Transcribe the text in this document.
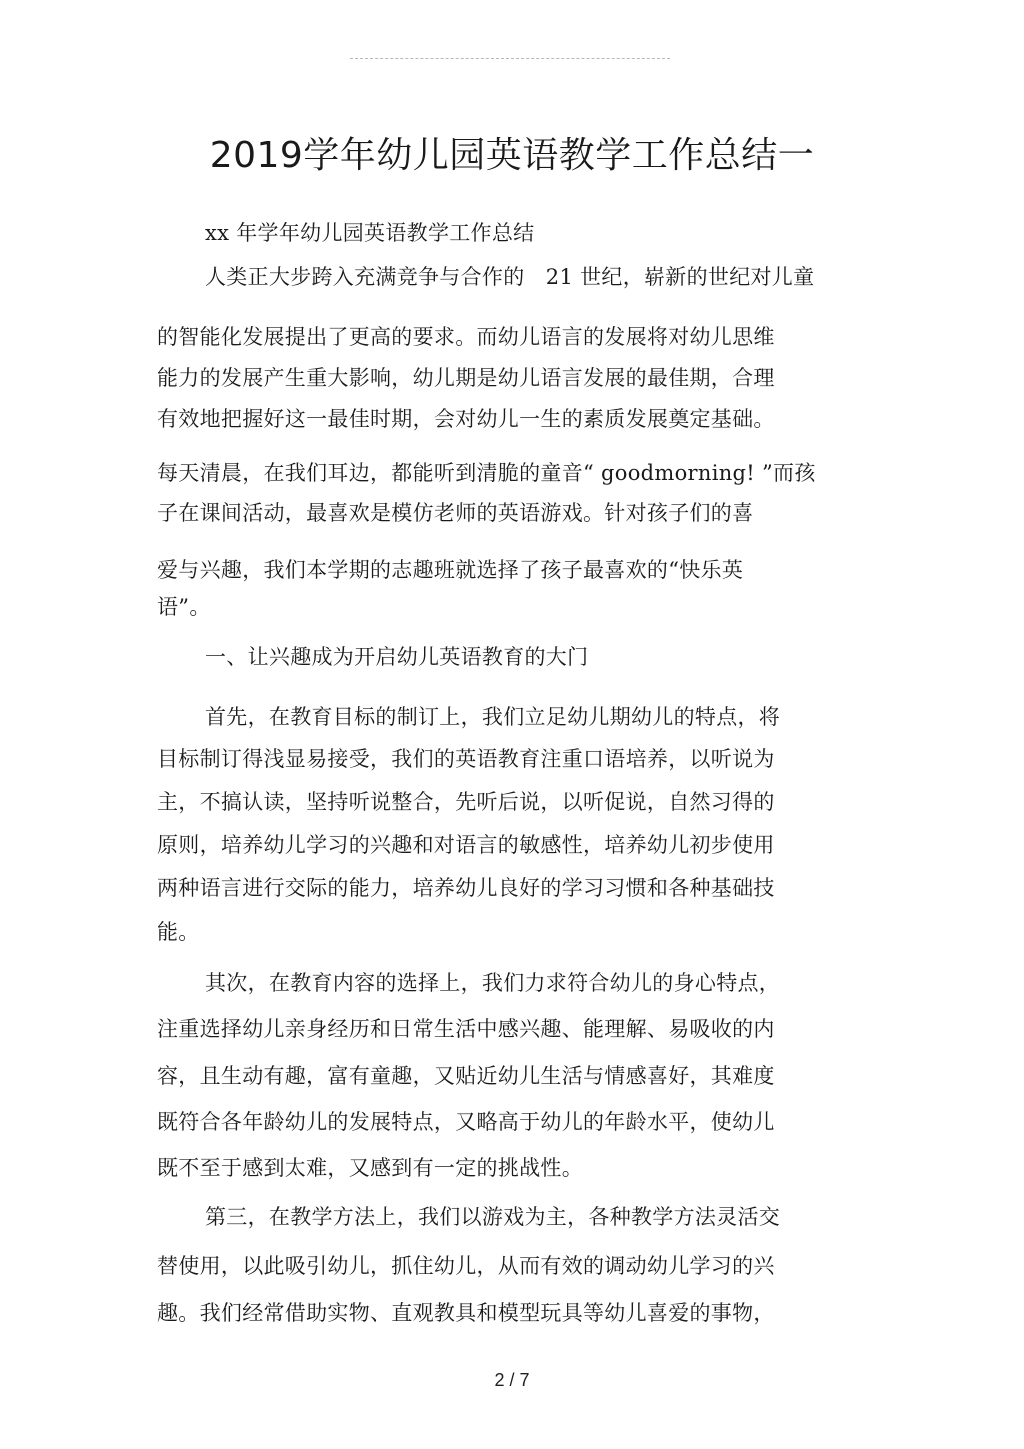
2019学年幼儿园英语教学工作总结一
xx 年学年幼儿园英语教学工作总结
人类正大步跨入充满竞争与合作的　21 世纪，崭新的世纪对儿童
的智能化发展提出了更高的要求。而幼儿语言的发展将对幼儿思维
能力的发展产生重大影响，幼儿期是幼儿语言发展的最佳期，合理
有效地把握好这一最佳时期，会对幼儿一生的素质发展奠定基础。
每天清晨，在我们耳边，都能听到清脆的童音“ goodmorning! ”而孩
子在课间活动，最喜欢是模仿老师的英语游戏。针对孩子们的喜
爱与兴趣，我们本学期的志趣班就选择了孩子最喜欢的“快乐英
语”。
一、让兴趣成为开启幼儿英语教育的大门
首先，在教育目标的制订上，我们立足幼儿期幼儿的特点，将
目标制订得浅显易接受，我们的英语教育注重口语培养，以听说为
主，不搞认读，坚持听说整合，先听后说，以听促说，自然习得的
原则，培养幼儿学习的兴趣和对语言的敏感性，培养幼儿初步使用
两种语言进行交际的能力，培养幼儿良好的学习习惯和各种基础技
能。
其次，在教育内容的选择上，我们力求符合幼儿的身心特点，
注重选择幼儿亲身经历和日常生活中感兴趣、能理解、易吸收的内
容，且生动有趣，富有童趣，又贴近幼儿生活与情感喜好，其难度
既符合各年龄幼儿的发展特点，又略高于幼儿的年龄水平，使幼儿
既不至于感到太难，又感到有一定的挑战性。
第三，在教学方法上，我们以游戏为主，各种教学方法灵活交
替使用，以此吸引幼儿，抓住幼儿，从而有效的调动幼儿学习的兴
趣。我们经常借助实物、直观教具和模型玩具等幼儿喜爱的事物，
2 / 7
